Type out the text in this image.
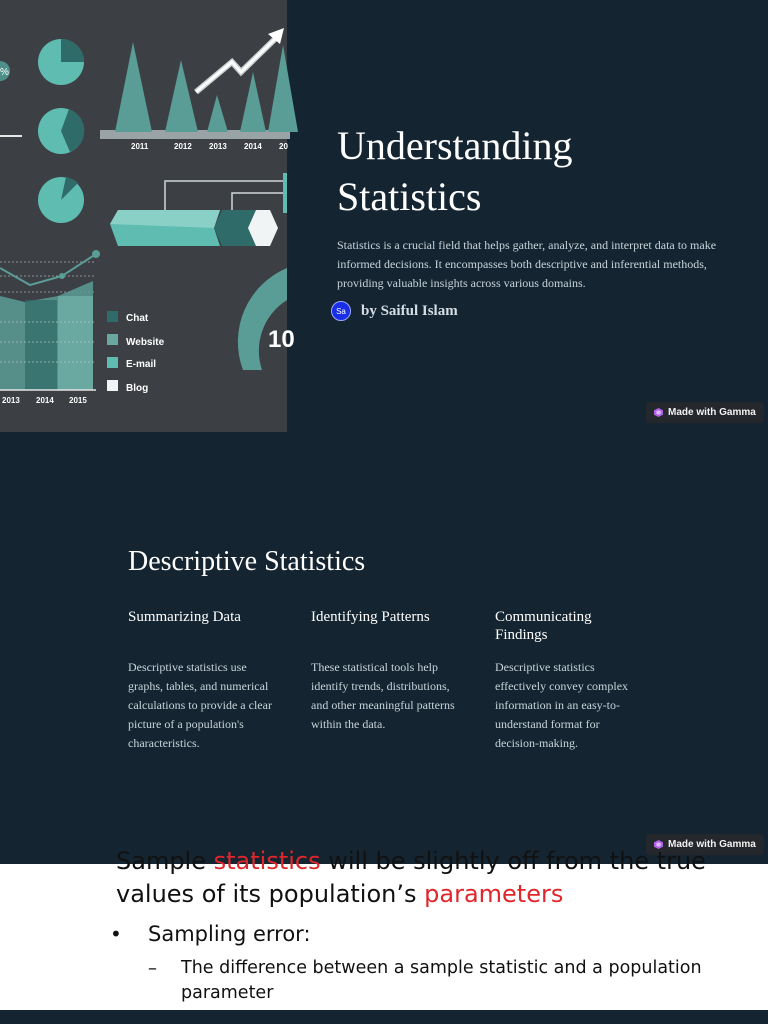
%
2011	2012 2013 2014 20
2013 2014 2015
Chat
Website
E-mail
Blog
10
Understanding Statistics

Statistics is a crucial field that helps gather, analyze, and interpret data to make informed decisions. It encompasses both descriptive and inferential methods, providing valuable insights across various domains.

Sa	by Saiful Islam
Made with Gamma
Descriptive Statistics
Summarizing Data

Descriptive statistics use graphs, tables, and numerical calculations to provide a clear picture of a population's characteristics.

Identifying Patterns

These statistical tools help identify trends, distributions, and other meaningful patterns within the data.

Communicating Findings

Descriptive statistics effectively convey complex information in an easy-to-understand format for decision-making.

Made with Gamma
Sample statistics will be slightly off from the true
values of its population’s parameters
• Sampling error:
– The difference between a sample statistic and a population
parameter
